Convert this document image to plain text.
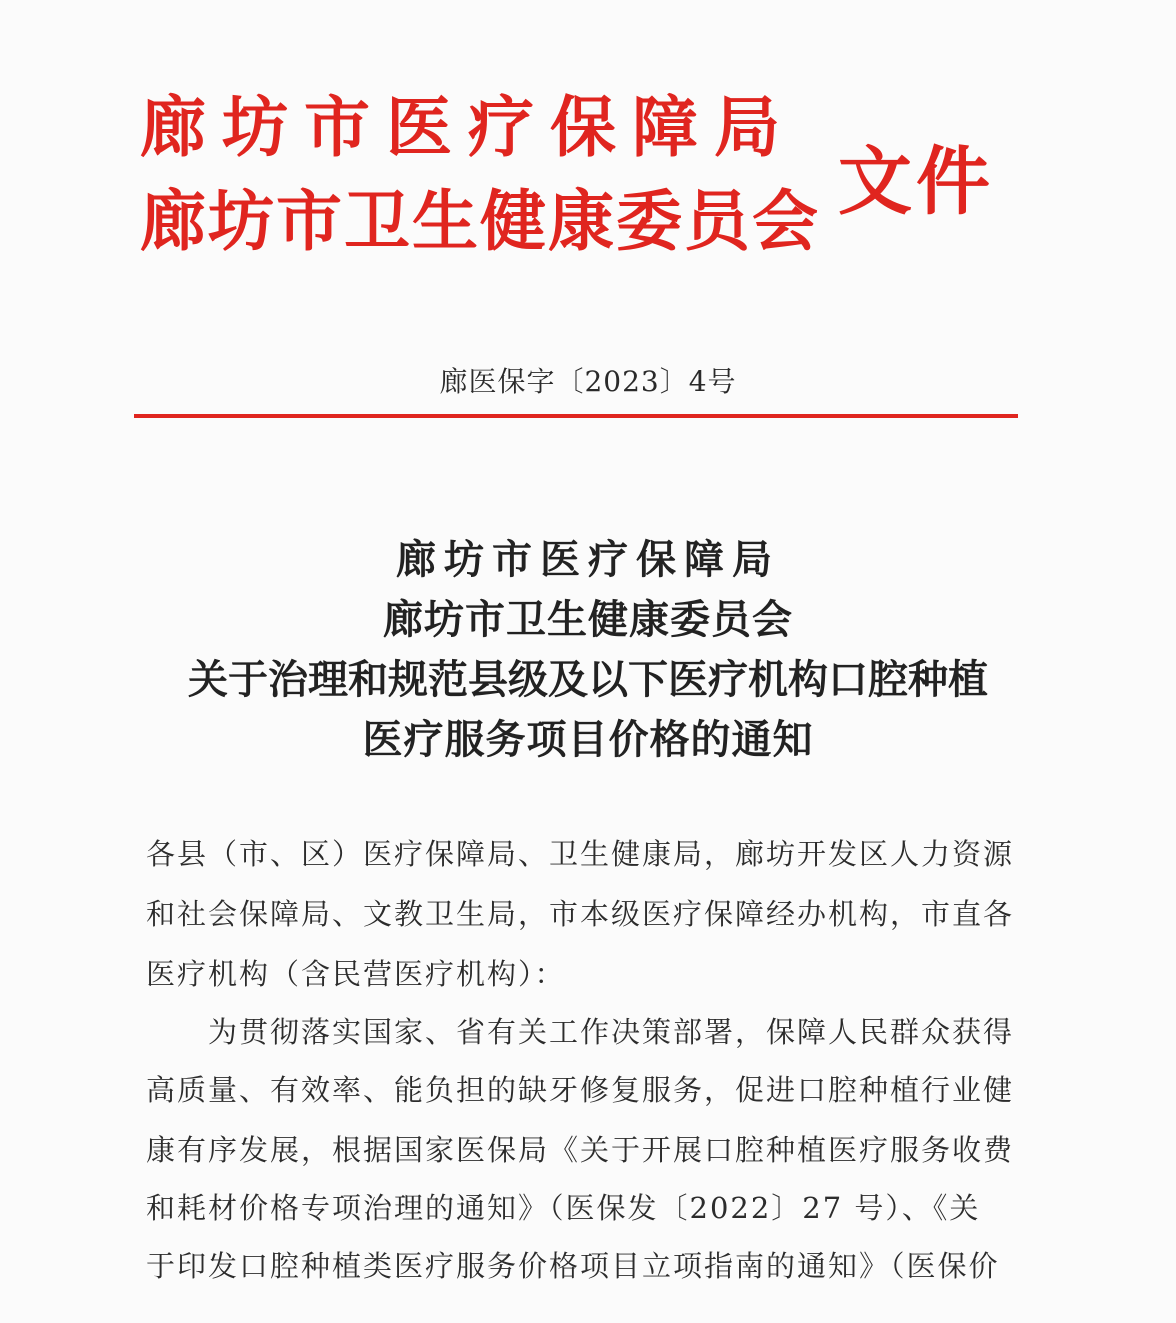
廊坊市医疗保障局
廊坊市卫生健康委员会 文件
廊医保字〔2023〕4号
廊坊市医疗保障局
廊坊市卫生健康委员会
关于治理和规范县级及以下医疗机构口腔种植
医疗服务项目价格的通知
各县（市、区）医疗保障局、卫生健康局，廊坊开发区人力资源
和社会保障局、文教卫生局，市本级医疗保障经办机构，市直各
医疗机构（含民营医疗机构）：
　　为贯彻落实国家、省有关工作决策部署，保障人民群众获得
高质量、有效率、能负担的缺牙修复服务，促进口腔种植行业健
康有序发展，根据国家医保局《关于开展口腔种植医疗服务收费
和耗材价格专项治理的通知》（医保发〔2022〕27 号）、《关
于印发口腔种植类医疗服务价格项目立项指南的通知》（医保价
